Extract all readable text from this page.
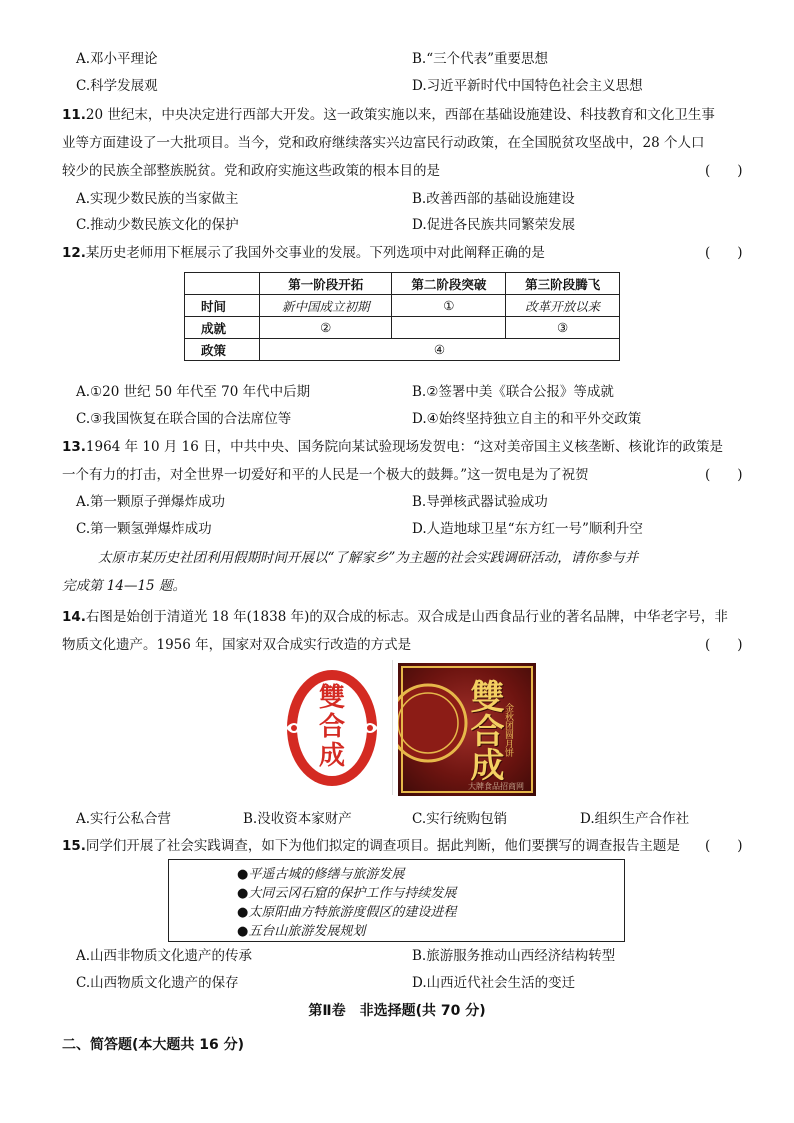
A.邓小平理论	B.“三个代表”重要思想
C.科学发展观	D.习近平新时代中国特色社会主义思想
11.20 世纪末，中央决定进行西部大开发。这一政策实施以来，西部在基础设施建设、科技教育和文化卫生事
业等方面建设了一大批项目。当今，党和政府继续落实兴边富民行动政策，在全国脱贫攻坚战中，28 个人口
较少的民族全部整族脱贫。党和政府实施这些政策的根本目的是	(　　)
A.实现少数民族的当家做主	B.改善西部的基础设施建设
C.推动少数民族文化的保护	D.促进各民族共同繁荣发展
12.某历史老师用下框展示了我国外交事业的发展。下列选项中对此阐释正确的是	(　　)
	第一阶段开拓	第二阶段突破	第三阶段腾飞
时间	新中国成立初期	①	改革开放以来
成就	②		③
政策	④		
A.①20 世纪 50 年代至 70 年代中后期	B.②签署中美《联合公报》等成就
C.③我国恢复在联合国的合法席位等	D.④始终坚持独立自主的和平外交政策
13.1964 年 10 月 16 日，中共中央、国务院向某试验现场发贺电：“这对美帝国主义核垄断、核讹诈的政策是
一个有力的打击，对全世界一切爱好和平的人民是一个极大的鼓舞。”这一贺电是为了祝贺	(　　)
A.第一颗原子弹爆炸成功	B.导弹核武器试验成功
C.第一颗氢弹爆炸成功	D.人造地球卫星“东方红一号”顺利升空
太原市某历史社团利用假期时间开展以“了解家乡”为主题的社会实践调研活动，请你参与并
完成第 14—15 题。
14.右图是始创于清道光 18 年(1838 年)的双合成的标志。双合成是山西食品行业的著名品牌，中华老字号，非
物质文化遗产。1956 年，国家对双合成实行改造的方式是	(　　)
雙
合
成	雙合成 金秋团圆月饼
大牌食品招商网
A.实行公私合营	B.没收资本家财产	C.实行统购包销	D.组织生产合作社
15.同学们开展了社会实践调查，如下为他们拟定的调查项目。据此判断，他们要撰写的调查报告主题是 (　　)
●平遥古城的修缮与旅游发展
●大同云冈石窟的保护工作与持续发展
●太原阳曲方特旅游度假区的建设进程
●五台山旅游发展规划
A.山西非物质文化遗产的传承	B.旅游服务推动山西经济结构转型
C.山西物质文化遗产的保存	D.山西近代社会生活的变迁
第Ⅱ卷　非选择题(共 70 分)
二、简答题(本大题共 16 分)
